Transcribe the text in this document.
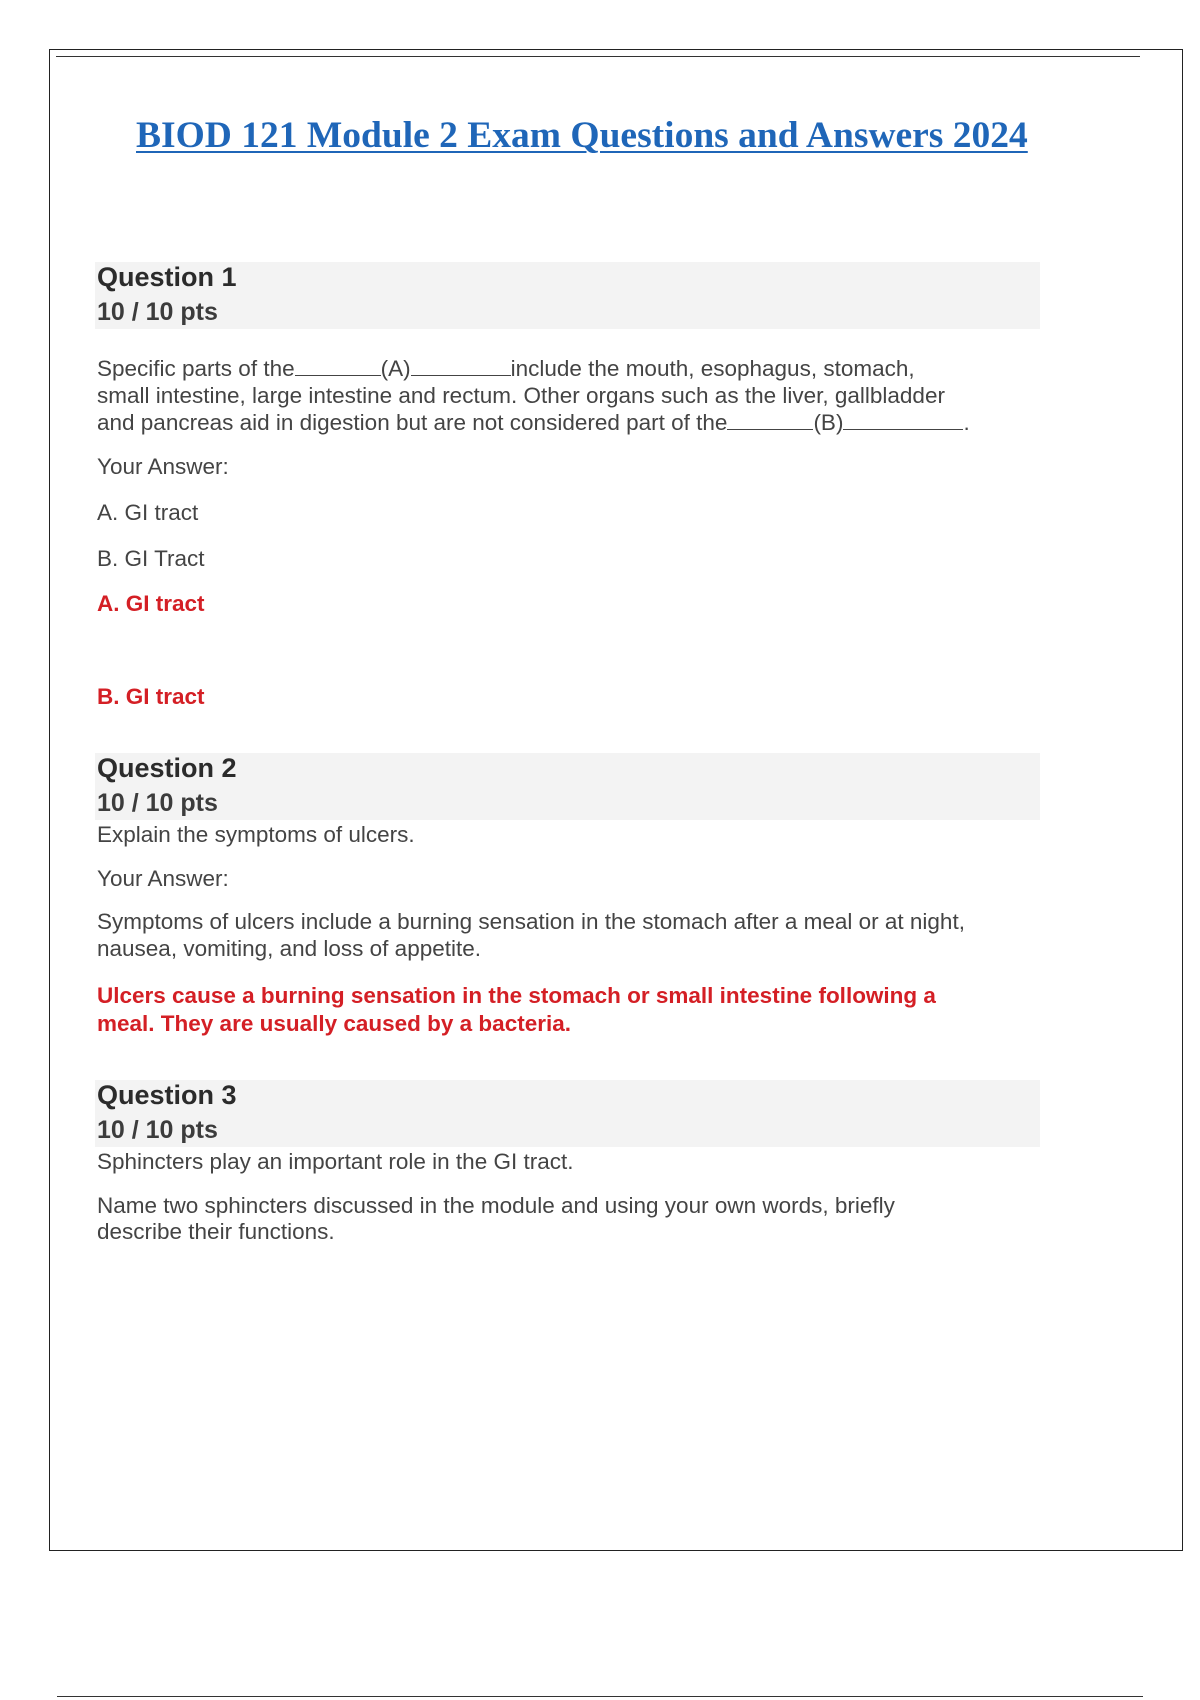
BIOD 121 Module 2 Exam Questions and Answers 2024
Question 1
10 / 10 pts
Specific parts of the	(A)	include the mouth, esophagus, stomach,
small intestine, large intestine and rectum. Other organs such as the liver, gallbladder
and pancreas aid in digestion but are not considered part of the	(B)	.
Your Answer:
A. GI tract
B. GI Tract
A. GI tract
B. GI tract
Question 2
10 / 10 pts
Explain the symptoms of ulcers.
Your Answer:
Symptoms of ulcers include a burning sensation in the stomach after a meal or at night,
nausea, vomiting, and loss of appetite.
Ulcers cause a burning sensation in the stomach or small intestine following a
meal. They are usually caused by a bacteria.
Question 3
10 / 10 pts
Sphincters play an important role in the GI tract.
Name two sphincters discussed in the module and using your own words, briefly
describe their functions.
